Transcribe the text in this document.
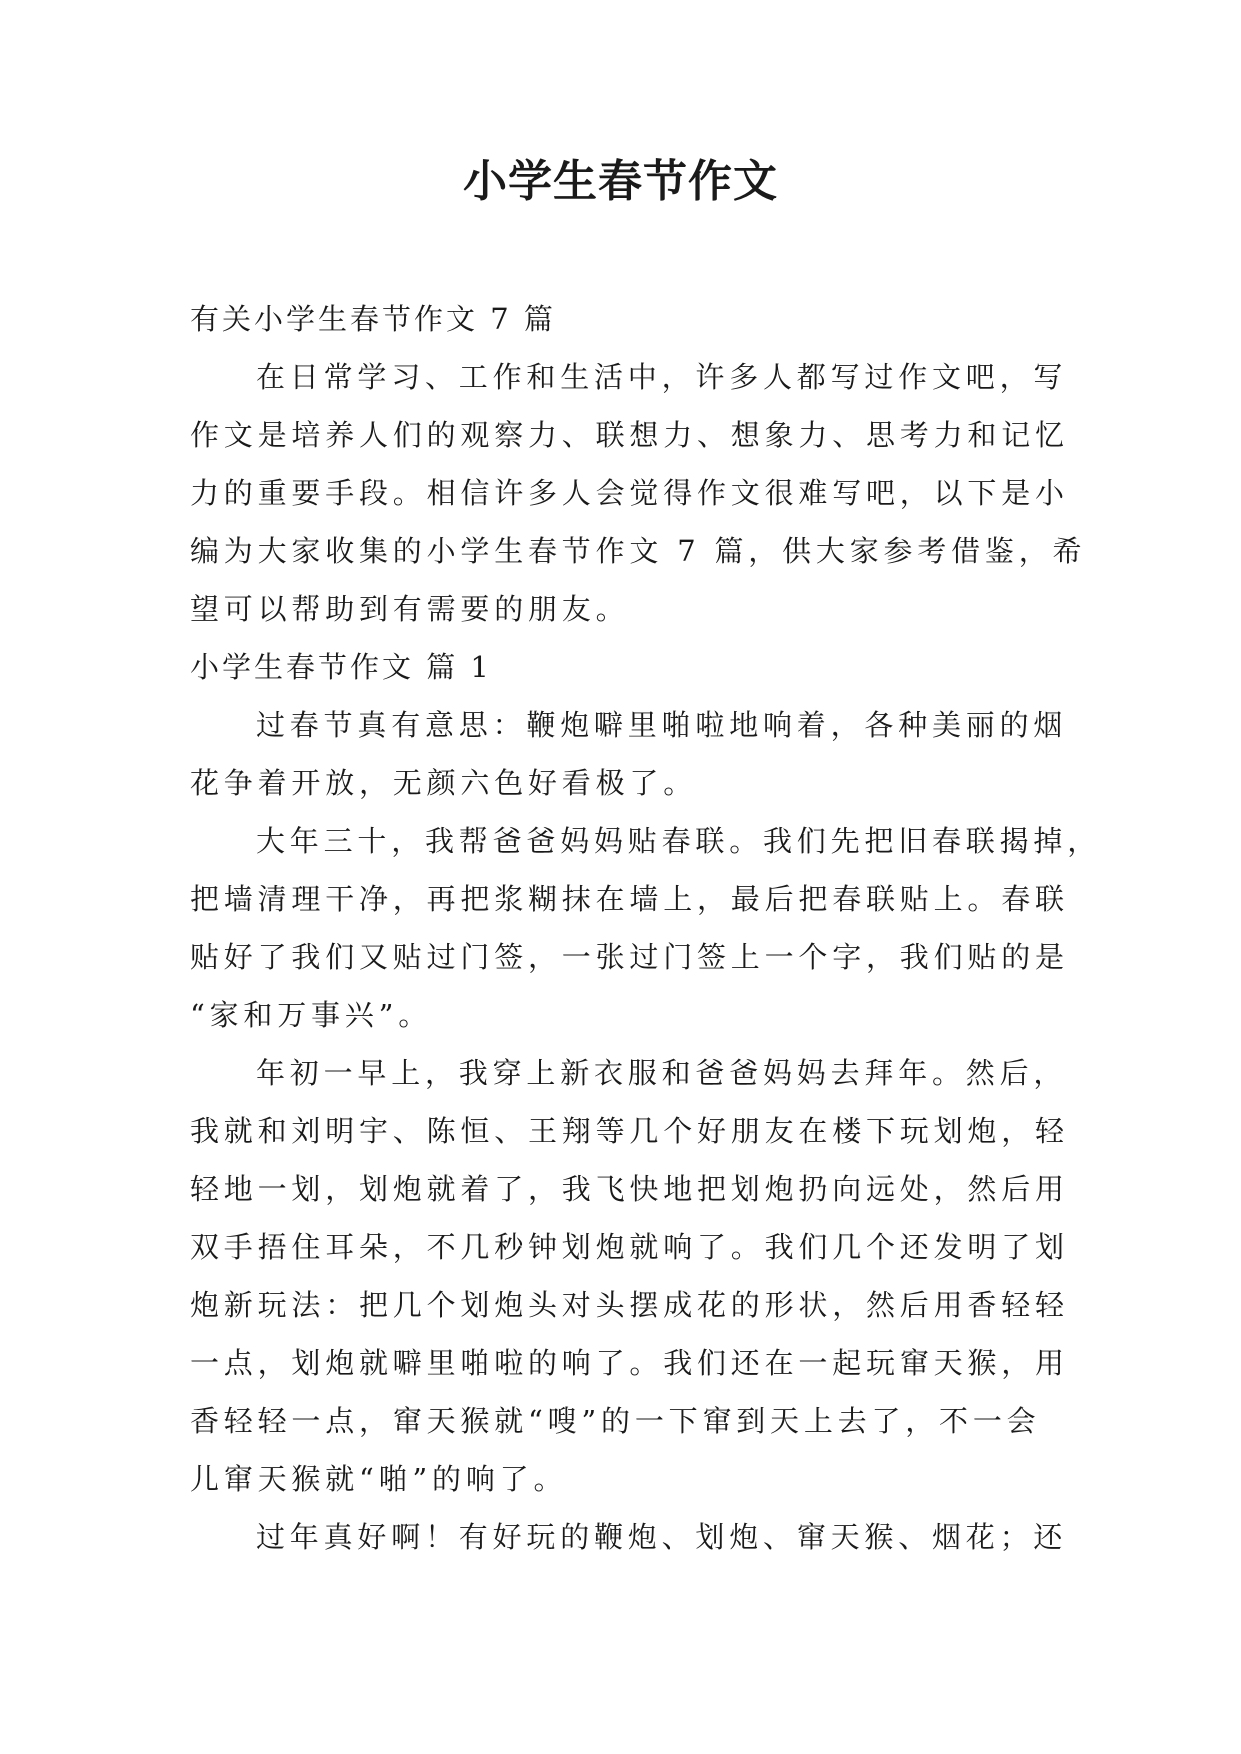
小学生春节作文

有关小学生春节作文 7 篇

在日常学习、工作和生活中，许多人都写过作文吧，写

作文是培养人们的观察力、联想力、想象力、思考力和记忆

力的重要手段。相信许多人会觉得作文很难写吧，以下是小

编为大家收集的小学生春节作文 7 篇，供大家参考借鉴，希

望可以帮助到有需要的朋友。

小学生春节作文 篇 1

过春节真有意思：鞭炮噼里啪啦地响着，各种美丽的烟

花争着开放，无颜六色好看极了。

大年三十，我帮爸爸妈妈贴春联。我们先把旧春联揭掉，

把墙清理干净，再把浆糊抹在墙上，最后把春联贴上。春联

贴好了我们又贴过门签，一张过门签上一个字，我们贴的是

“家和万事兴”。

年初一早上，我穿上新衣服和爸爸妈妈去拜年。然后，

我就和刘明宇、陈恒、王翔等几个好朋友在楼下玩划炮，轻

轻地一划，划炮就着了，我飞快地把划炮扔向远处，然后用

双手捂住耳朵，不几秒钟划炮就响了。我们几个还发明了划

炮新玩法：把几个划炮头对头摆成花的形状，然后用香轻轻

一点，划炮就噼里啪啦的响了。我们还在一起玩窜天猴，用

香轻轻一点，窜天猴就“嗖”的一下窜到天上去了，不一会

儿窜天猴就“啪”的响了。

过年真好啊！有好玩的鞭炮、划炮、窜天猴、烟花；还
